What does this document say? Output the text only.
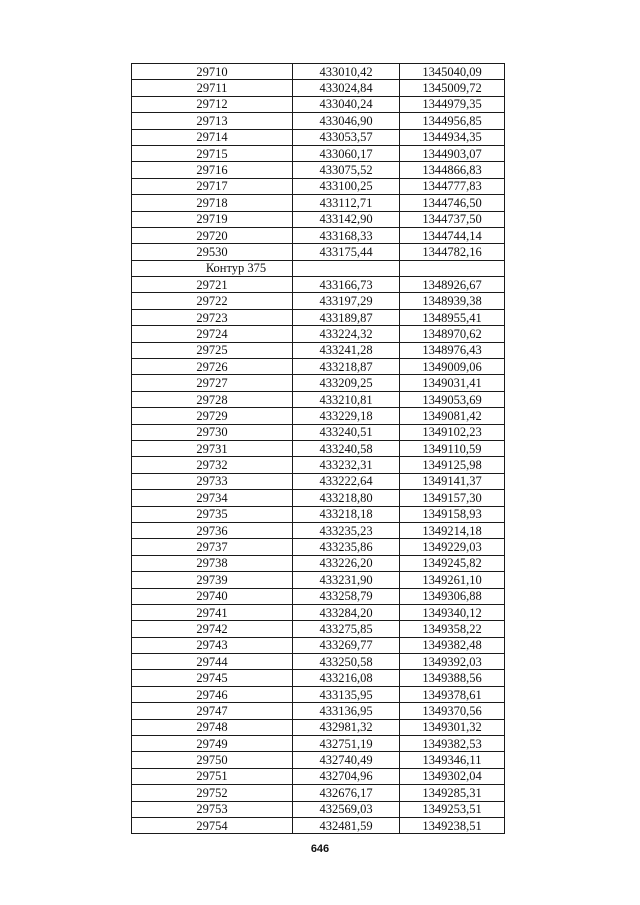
29710	433010,42	1345040,09
29711	433024,84	1345009,72
29712	433040,24	1344979,35
29713	433046,90	1344956,85
29714	433053,57	1344934,35
29715	433060,17	1344903,07
29716	433075,52	1344866,83
29717	433100,25	1344777,83
29718	433112,71	1344746,50
29719	433142,90	1344737,50
29720	433168,33	1344744,14
29530	433175,44	1344782,16
Контур 375		
29721	433166,73	1348926,67
29722	433197,29	1348939,38
29723	433189,87	1348955,41
29724	433224,32	1348970,62
29725	433241,28	1348976,43
29726	433218,87	1349009,06
29727	433209,25	1349031,41
29728	433210,81	1349053,69
29729	433229,18	1349081,42
29730	433240,51	1349102,23
29731	433240,58	1349110,59
29732	433232,31	1349125,98
29733	433222,64	1349141,37
29734	433218,80	1349157,30
29735	433218,18	1349158,93
29736	433235,23	1349214,18
29737	433235,86	1349229,03
29738	433226,20	1349245,82
29739	433231,90	1349261,10
29740	433258,79	1349306,88
29741	433284,20	1349340,12
29742	433275,85	1349358,22
29743	433269,77	1349382,48
29744	433250,58	1349392,03
29745	433216,08	1349388,56
29746	433135,95	1349378,61
29747	433136,95	1349370,56
29748	432981,32	1349301,32
29749	432751,19	1349382,53
29750	432740,49	1349346,11
29751	432704,96	1349302,04
29752	432676,17	1349285,31
29753	432569,03	1349253,51
29754	432481,59	1349238,51
646
